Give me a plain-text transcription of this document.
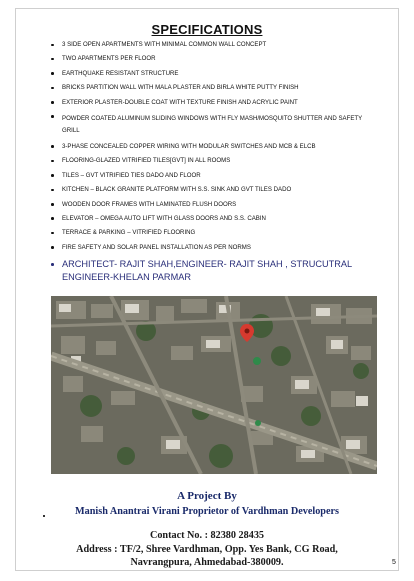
SPECIFICATIONS
3 SIDE OPEN APARTMENTS WITH MINIMAL COMMON WALL CONCEPT
TWO APARTMENTS PER FLOOR
EARTHQUAKE RESISTANT STRUCTURE
BRICKS PARTITION WALL WITH MALA PLASTER AND BIRLA WHITE PUTTY FINISH
EXTERIOR PLASTER-DOUBLE COAT WITH TEXTURE FINISH AND ACRYLIC PAINT
POWDER COATED ALUMINUM SLIDING WINDOWS WITH FLY MASH/MOSQUITO SHUTTER AND SAFETY GRILL
3-PHASE CONCEALED COPPER WIRING WITH MODULAR SWITCHES AND MCB & ELCB
FLOORING-GLAZED VITRIFIED TILES[GVT] IN ALL ROOMS
TILES – GVT VITRIFIED TIES DADO AND FLOOR
KITCHEN – BLACK GRANITE PLATFORM WITH S.S. SINK AND GVT TILES DADO
WOODEN DOOR FRAMES WITH LAMINATED FLUSH DOORS
ELEVATOR – OMEGA AUTO LIFT WITH GLASS DOORS AND S.S. CABIN
TERRACE & PARKING – VITRIFIED FLOORING
FIRE SAFETY AND SOLAR PANEL INSTALLATION AS PER NORMS
ARCHITECT- RAJIT SHAH,ENGINEER- RAJIT SHAH , STRUCUTRAL ENGINEER-KHELAN PARMAR
A Project By
Manish Anantrai Virani Proprietor of Vardhman Developers
Contact No. : 82380 28435
Address : TF/2, Shree Vardhman, Opp. Yes Bank, CG Road,
Navrangpura, Ahmedabad-380009.	5
